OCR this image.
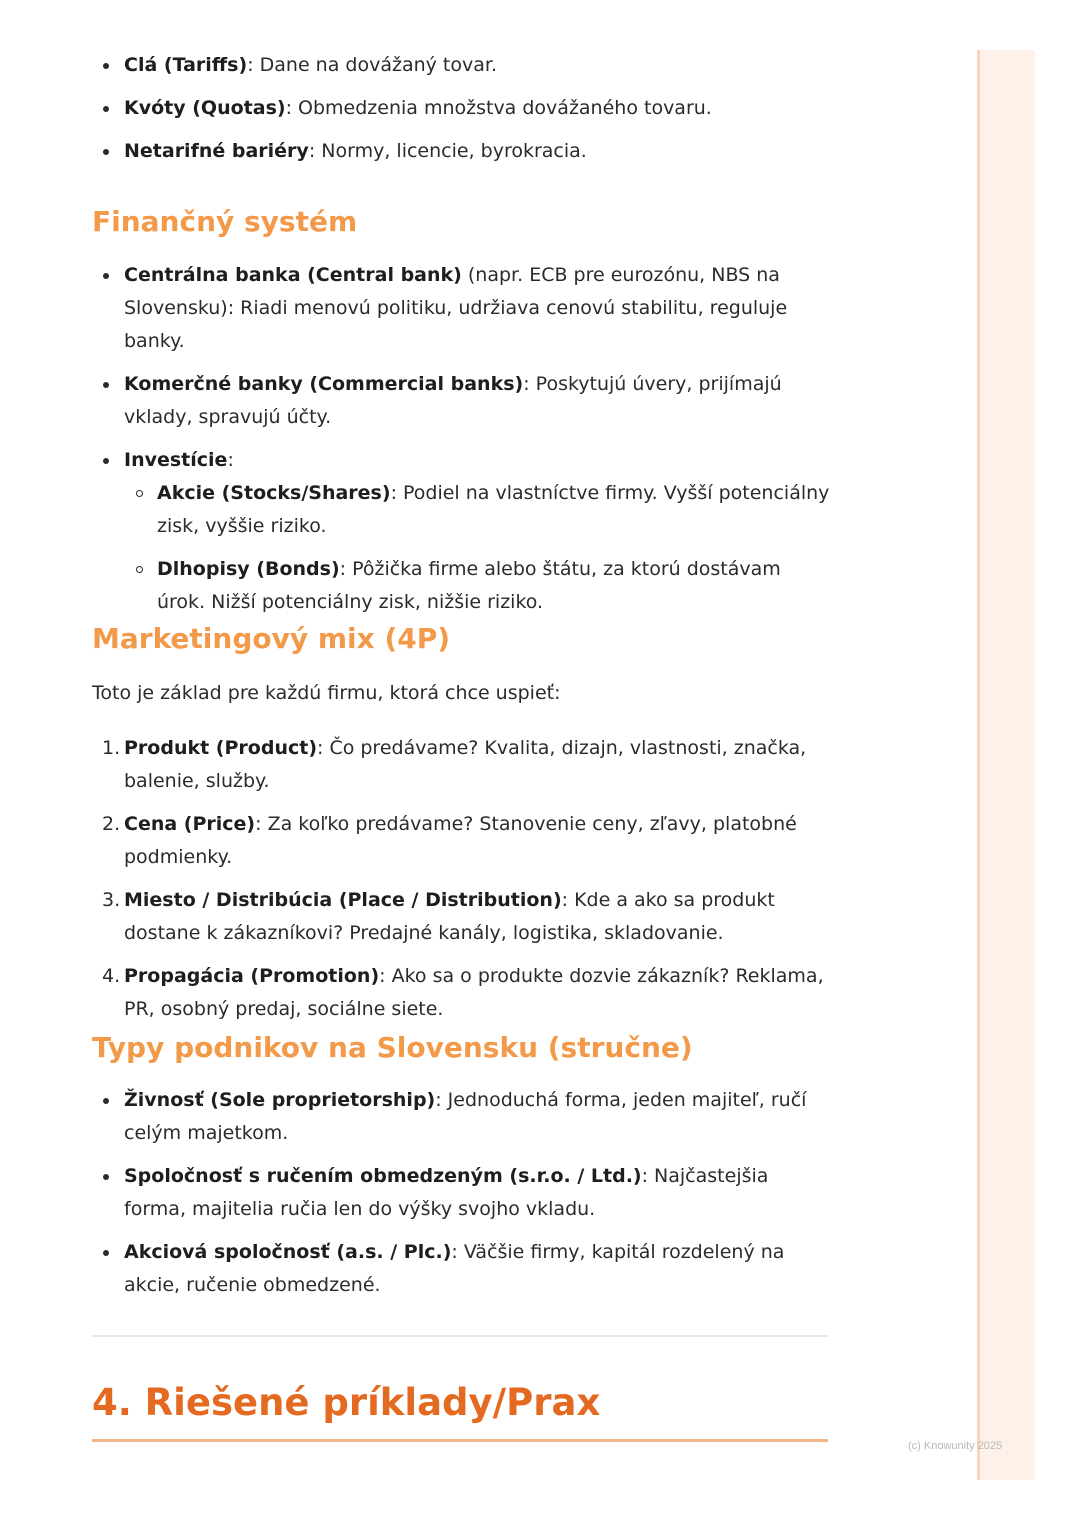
Clá (Tariffs): Dane na dovážaný tovar.
Kvóty (Quotas): Obmedzenia množstva dovážaného tovaru.
Netarifné bariéry: Normy, licencie, byrokracia.
Finančný systém
Centrálna banka (Central bank) (napr. ECB pre eurozónu, NBS na Slovensku): Riadi menovú politiku, udržiava cenovú stabilitu, reguluje banky.
Komerčné banky (Commercial banks): Poskytujú úvery, prijímajú vklady, spravujú účty.
Investície:
Akcie (Stocks/Shares): Podiel na vlastníctve firmy. Vyšší potenciálny zisk, vyššie riziko.
Dlhopisy (Bonds): Pôžička firme alebo štátu, za ktorú dostávam úrok. Nižší potenciálny zisk, nižšie riziko.
Marketingový mix (4P)

Toto je základ pre každú firmu, ktorá chce uspieť:

1. Produkt (Product): Čo predávame? Kvalita, dizajn, vlastnosti, značka, balenie, služby.
2. Cena (Price): Za koľko predávame? Stanovenie ceny, zľavy, platobné podmienky.
3. Miesto / Distribúcia (Place / Distribution): Kde a ako sa produkt dostane k zákazníkovi? Predajné kanály, logistika, skladovanie.
4. Propagácia (Promotion): Ako sa o produkte dozvie zákazník? Reklama, PR, osobný predaj, sociálne siete.
Typy podnikov na Slovensku (stručne)
Živnosť (Sole proprietorship): Jednoduchá forma, jeden majiteľ, ručí celým majetkom.
Spoločnosť s ručením obmedzeným (s.r.o. / Ltd.): Najčastejšia forma, majitelia ručia len do výšky svojho vkladu.
Akciová spoločnosť (a.s. / Plc.): Väčšie firmy, kapitál rozdelený na akcie, ručenie obmedzené.
4. Riešené príklady/Prax
(c) Knowunity 2025
